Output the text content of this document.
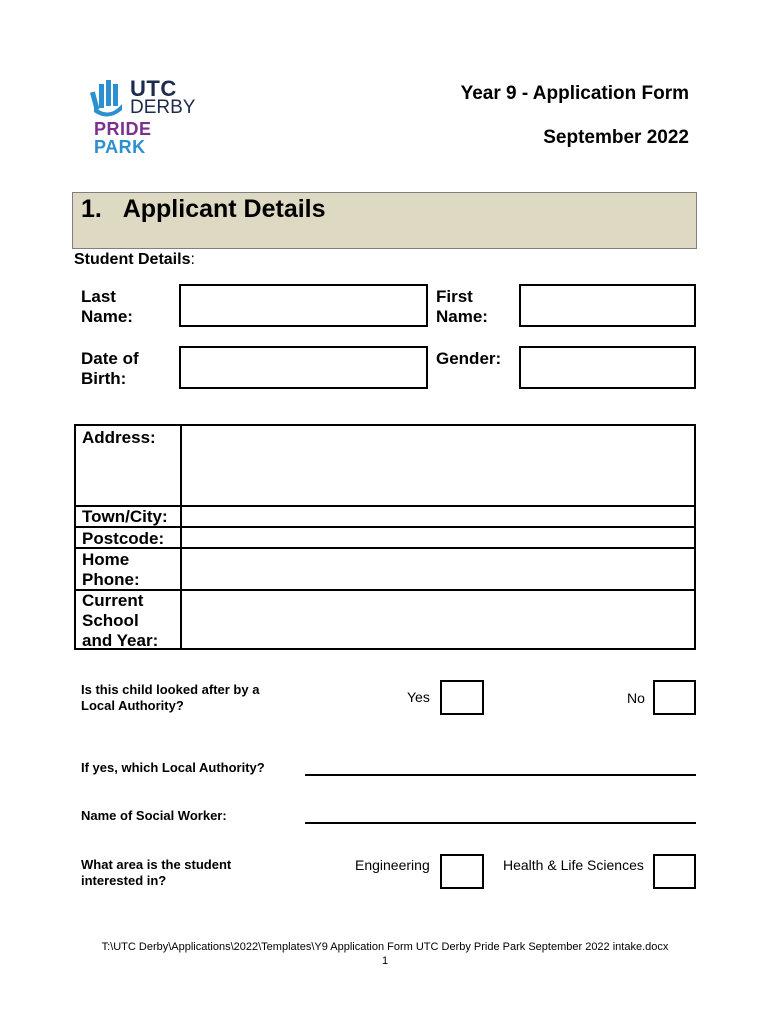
UTC
DERBY
PRIDE
PARK
Year 9 - Application Form
September 2022
1. Applicant Details
Student Details:
Last Name:
First Name:
Date of Birth:
Gender:
Address:
Town/City:
Postcode:
Home Phone:
Current School and Year:
Is this child looked after by a Local Authority?
Yes	No
If yes, which Local Authority?
Name of Social Worker:
What area is the student interested in?
Engineering	Health & Life Sciences
T:\UTC Derby\Applications\2022\Templates\Y9 Application Form UTC Derby Pride Park September 2022 intake.docx
1
